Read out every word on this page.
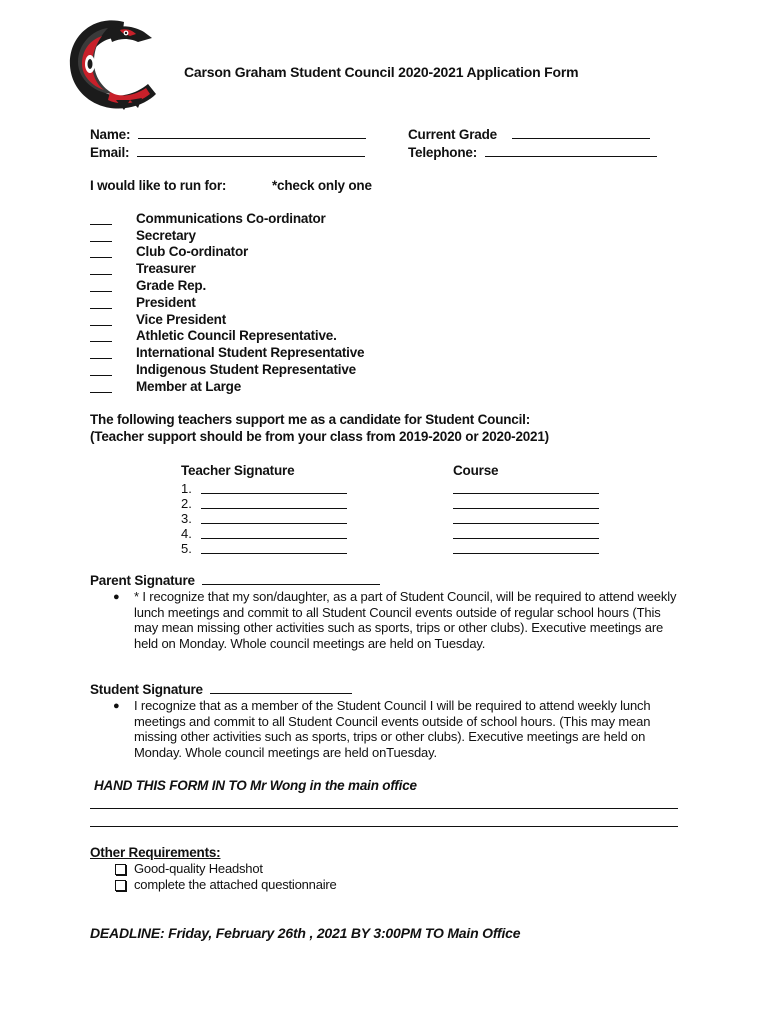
Carson Graham Student Council 2020-2021 Application Form
Name:
Email:
Current Grade
Telephone:
I would like to run for:	*check only one
Communications Co-ordinator
Secretary
Club Co-ordinator
Treasurer
Grade Rep.
President
Vice President
Athletic Council Representative.
International Student Representative
Indigenous Student Representative
Member at Large
The following teachers support me as a candidate for Student Council:
(Teacher support should be from your class from 2019-2020 or 2020-2021)
Teacher Signature	Course
1.
2.
3.
4.
5.
Parent Signature
● * I recognize that my son/daughter, as a part of Student Council, will be required to attend weekly lunch meetings and commit to all Student Council events outside of regular school hours (This may mean missing other activities such as sports, trips or other clubs). Executive meetings are held on Monday. Whole council meetings are held on Tuesday.
Student Signature
● I recognize that as a member of the Student Council I will be required to attend weekly lunch meetings and commit to all Student Council events outside of school hours. (This may mean missing other activities such as sports, trips or other clubs). Executive meetings are held on Monday. Whole council meetings are held onTuesday.
HAND THIS FORM IN TO Mr Wong in the main office
Other Requirements:
Good-quality Headshot
complete the attached questionnaire
DEADLINE: Friday, February 26th , 2021 BY 3:00PM TO Main Office
